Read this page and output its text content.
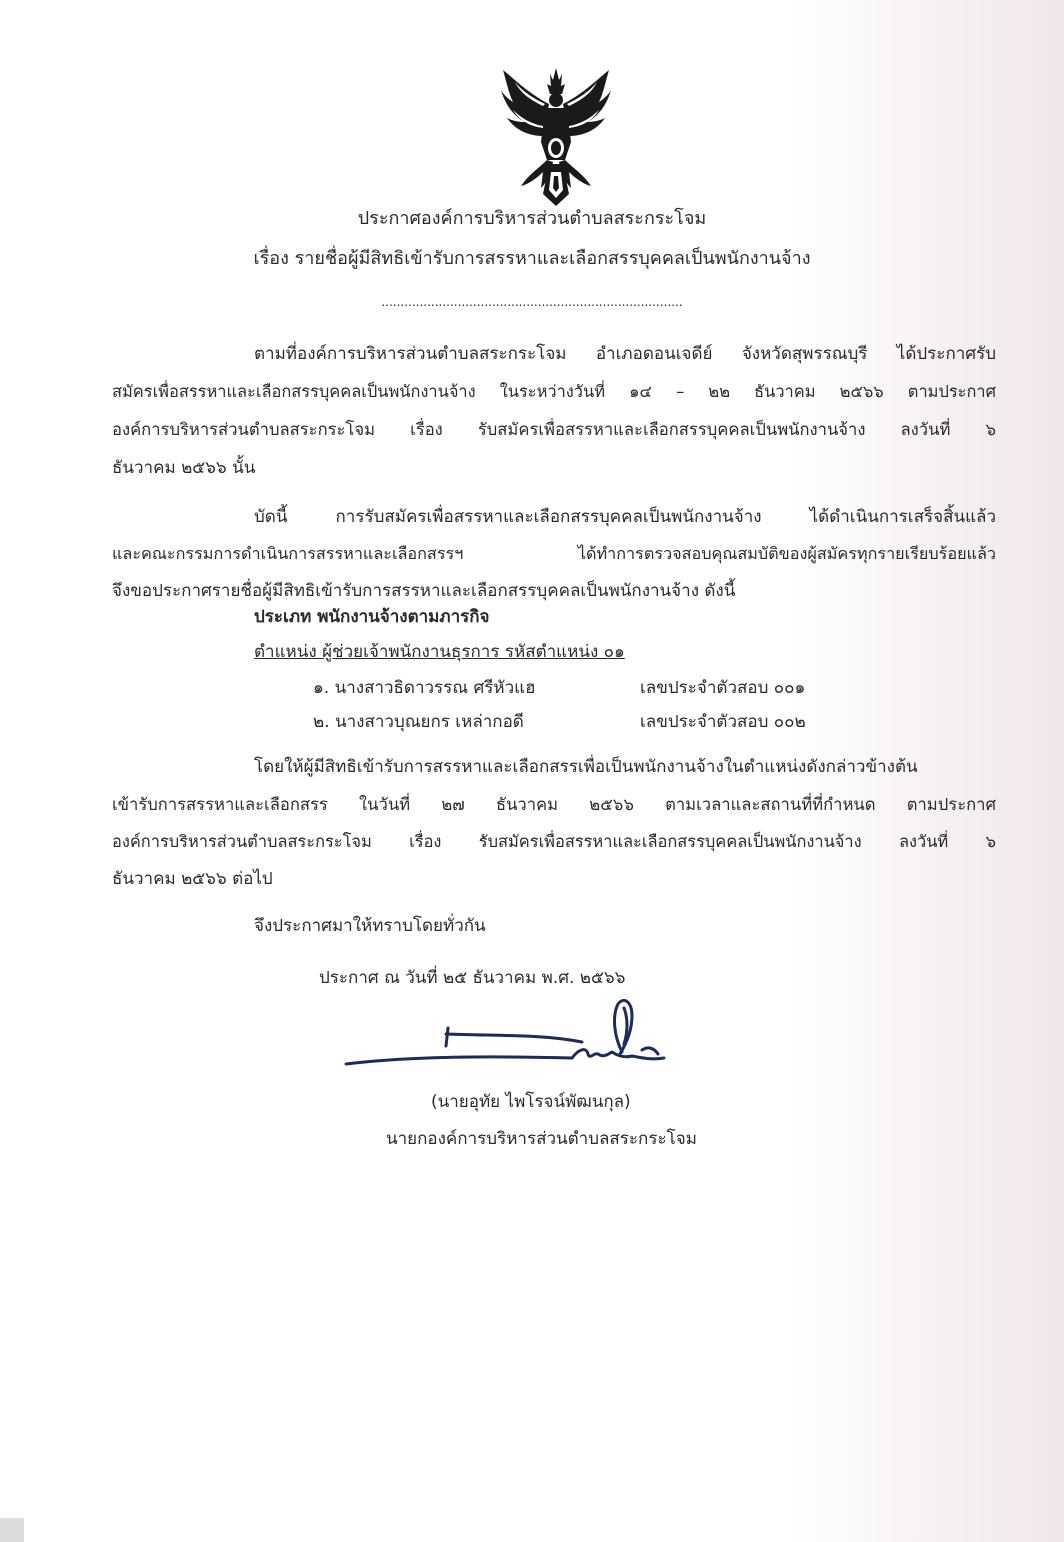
ประกาศองค์การบริหารส่วนตำบลสระกระโจม
เรื่อง รายชื่อผู้มีสิทธิเข้ารับการสรรหาและเลือกสรรบุคคลเป็นพนักงานจ้าง
...............................................................................
ตามที่องค์การบริหารส่วนตำบลสระกระโจม อำเภอดอนเจดีย์ จังหวัดสุพรรณบุรี ได้ประกาศรับ
สมัครเพื่อสรรหาและเลือกสรรบุคคลเป็นพนักงานจ้าง ในระหว่างวันที่ ๑๔ – ๒๒ ธันวาคม ๒๕๖๖ ตามประกาศ
องค์การบริหารส่วนตำบลสระกระโจม เรื่อง รับสมัครเพื่อสรรหาและเลือกสรรบุคคลเป็นพนักงานจ้าง ลงวันที่ ๖
ธันวาคม ๒๕๖๖ นั้น
บัดนี้ การรับสมัครเพื่อสรรหาและเลือกสรรบุคคลเป็นพนักงานจ้าง ได้ดำเนินการเสร็จสิ้นแล้ว
และคณะกรรมการดำเนินการสรรหาและเลือกสรรฯ ได้ทำการตรวจสอบคุณสมบัติของผู้สมัครทุกรายเรียบร้อยแล้ว
จึงขอประกาศรายชื่อผู้มีสิทธิเข้ารับการสรรหาและเลือกสรรบุคคลเป็นพนักงานจ้าง ดังนี้
ประเภท พนักงานจ้างตามภารกิจ
ตำแหน่ง ผู้ช่วยเจ้าพนักงานธุรการ รหัสตำแหน่ง ๐๑
๑. นางสาวธิดาวรรณ ศรีหัวแฮ	เลขประจำตัวสอบ ๐๐๑
๒. นางสาวบุณยกร เหล่ากอดี	เลขประจำตัวสอบ ๐๐๒
โดยให้ผู้มีสิทธิเข้ารับการสรรหาและเลือกสรรเพื่อเป็นพนักงานจ้างในตำแหน่งดังกล่าวข้างต้น
เข้ารับการสรรหาและเลือกสรร ในวันที่ ๒๗ ธันวาคม ๒๕๖๖ ตามเวลาและสถานที่ที่กำหนด ตามประกาศ
องค์การบริหารส่วนตำบลสระกระโจม เรื่อง รับสมัครเพื่อสรรหาและเลือกสรรบุคคลเป็นพนักงานจ้าง ลงวันที่ ๖
ธันวาคม ๒๕๖๖ ต่อไป
จึงประกาศมาให้ทราบโดยทั่วกัน
ประกาศ ณ วันที่ ๒๕ ธันวาคม พ.ศ. ๒๕๖๖
(นายอุทัย ไพโรจน์พัฒนกุล)
นายกองค์การบริหารส่วนตำบลสระกระโจม
